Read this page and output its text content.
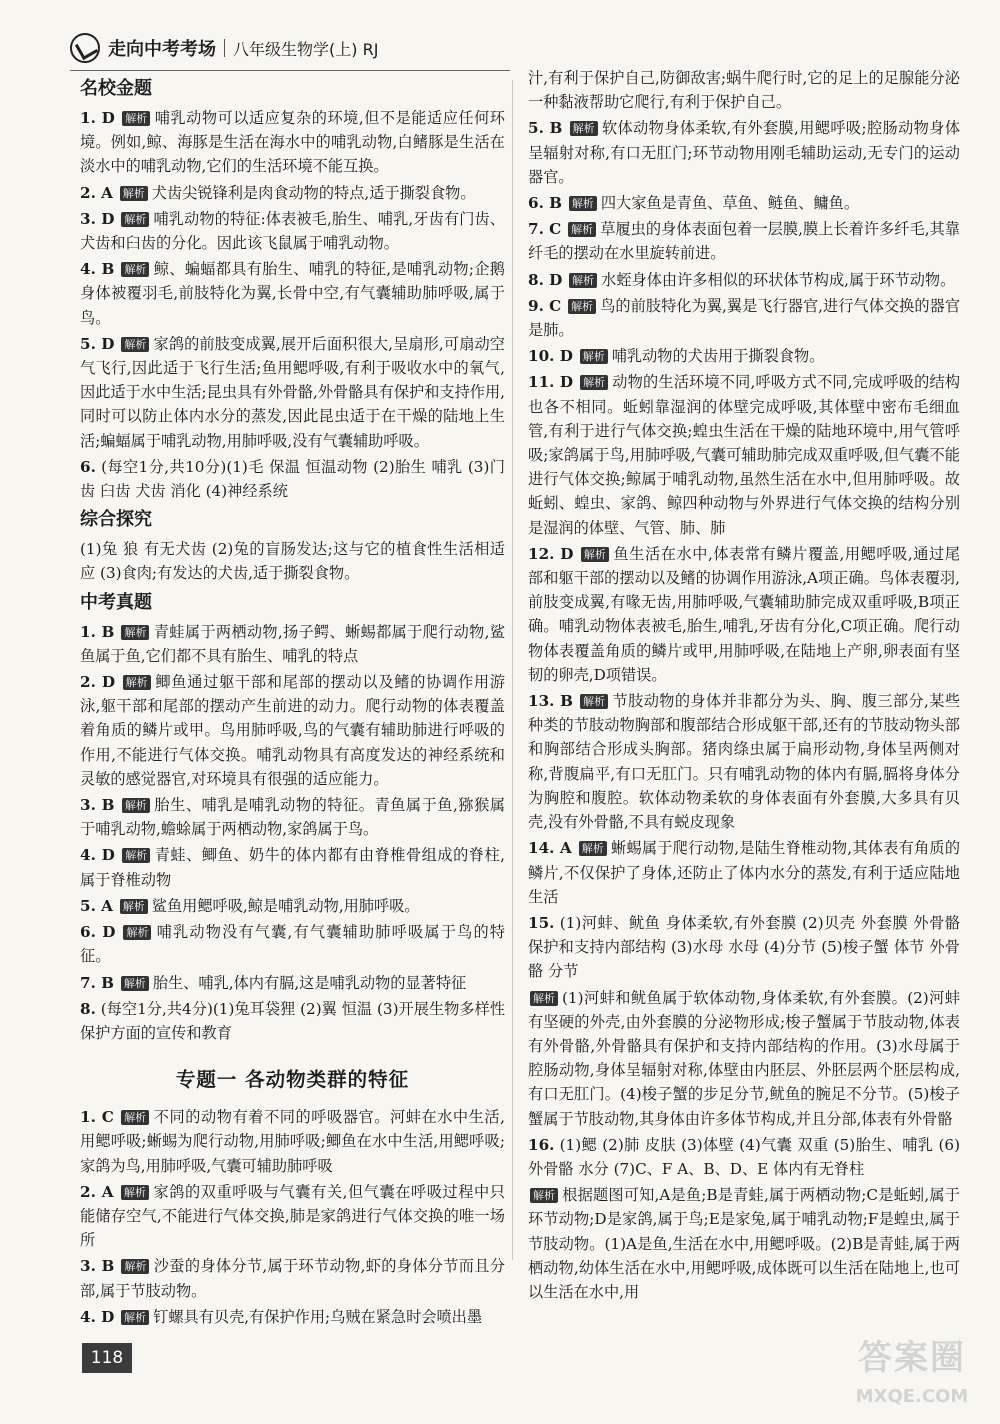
走向中考考场 八年级生物学(上) RJ
名校金题
1. D 解析 哺乳动物可以适应复杂的环境,但不是能适应任何环境。例如,鲸、海豚是生活在海水中的哺乳动物,白鳍豚是生活在淡水中的哺乳动物,它们的生活环境不能互换。
2. A 解析 犬齿尖锐锋利是肉食动物的特点,适于撕裂食物。
3. D 解析 哺乳动物的特征:体表被毛,胎生、哺乳,牙齿有门齿、犬齿和臼齿的分化。因此该飞鼠属于哺乳动物。
4. B 解析 鲸、蝙蝠都具有胎生、哺乳的特征,是哺乳动物;企鹅身体被覆羽毛,前肢特化为翼,长骨中空,有气囊辅助肺呼吸,属于鸟。
5. D 解析 家鸽的前肢变成翼,展开后面积很大,呈扇形,可扇动空气飞行,因此适于飞行生活;鱼用鳃呼吸,有利于吸收水中的氧气,因此适于水中生活;昆虫具有外骨骼,外骨骼具有保护和支持作用,同时可以防止体内水分的蒸发,因此昆虫适于在干燥的陆地上生活;蝙蝠属于哺乳动物,用肺呼吸,没有气囊辅助呼吸。
6. (每空1分,共10分)(1)毛 保温 恒温动物 (2)胎生 哺乳 (3)门齿 臼齿 犬齿 消化 (4)神经系统
综合探究
(1)兔 狼 有无犬齿 (2)兔的盲肠发达;这与它的植食性生活相适应 (3)食肉;有发达的犬齿,适于撕裂食物。
中考真题
1. B 解析 青蛙属于两栖动物,扬子鳄、蜥蜴都属于爬行动物,鲨鱼属于鱼,它们都不具有胎生、哺乳的特点
2. D 解析 鲫鱼通过躯干部和尾部的摆动以及鳍的协调作用游泳,躯干部和尾部的摆动产生前进的动力。爬行动物的体表覆盖着角质的鳞片或甲。鸟用肺呼吸,鸟的气囊有辅助肺进行呼吸的作用,不能进行气体交换。哺乳动物具有高度发达的神经系统和灵敏的感觉器官,对环境具有很强的适应能力。
3. B 解析 胎生、哺乳是哺乳动物的特征。青鱼属于鱼,猕猴属于哺乳动物,蟾蜍属于两栖动物,家鸽属于鸟。
4. D 解析 青蛙、鲫鱼、奶牛的体内都有由脊椎骨组成的脊柱,属于脊椎动物
5. A 解析 鲨鱼用鳃呼吸,鲸是哺乳动物,用肺呼吸。
6. D 解析 哺乳动物没有气囊,有气囊辅助肺呼吸属于鸟的特征。
7. B 解析 胎生、哺乳,体内有膈,这是哺乳动物的显著特征
8. (每空1分,共4分)(1)兔耳袋狸 (2)翼 恒温 (3)开展生物多样性保护方面的宣传和教育
专题一 各动物类群的特征
1. C 解析 不同的动物有着不同的呼吸器官。河蚌在水中生活,用鳃呼吸;蜥蜴为爬行动物,用肺呼吸;鲫鱼在水中生活,用鳃呼吸;家鸽为鸟,用肺呼吸,气囊可辅助肺呼吸
2. A 解析 家鸽的双重呼吸与气囊有关,但气囊在呼吸过程中只能储存空气,不能进行气体交换,肺是家鸽进行气体交换的唯一场所
3. B 解析 沙蚕的身体分节,属于环节动物,虾的身体分节而且分部,属于节肢动物。
4. D 解析 钉螺具有贝壳,有保护作用;乌贼在紧急时会喷出墨
汁,有利于保护自己,防御敌害;蜗牛爬行时,它的足上的足腺能分泌一种黏液帮助它爬行,有利于保护自己。
5. B 解析 软体动物身体柔软,有外套膜,用鳃呼吸;腔肠动物身体呈辐射对称,有口无肛门;环节动物用刚毛辅助运动,无专门的运动器官。
6. B 解析 四大家鱼是青鱼、草鱼、鲢鱼、鳙鱼。
7. C 解析 草履虫的身体表面包着一层膜,膜上长着许多纤毛,其靠纤毛的摆动在水里旋转前进。
8. D 解析 水蛭身体由许多相似的环状体节构成,属于环节动物。
9. C 解析 鸟的前肢特化为翼,翼是飞行器官,进行气体交换的器官是肺。
10. D 解析 哺乳动物的犬齿用于撕裂食物。
11. D 解析 动物的生活环境不同,呼吸方式不同,完成呼吸的结构也各不相同。蚯蚓靠湿润的体壁完成呼吸,其体壁中密布毛细血管,有利于进行气体交换;蝗虫生活在干燥的陆地环境中,用气管呼吸;家鸽属于鸟,用肺呼吸,气囊可辅助肺完成双重呼吸,但气囊不能进行气体交换;鲸属于哺乳动物,虽然生活在水中,但用肺呼吸。故蚯蚓、蝗虫、家鸽、鲸四种动物与外界进行气体交换的结构分别是湿润的体壁、气管、肺、肺
12. D 解析 鱼生活在水中,体表常有鳞片覆盖,用鳃呼吸,通过尾部和躯干部的摆动以及鳍的协调作用游泳,A项正确。鸟体表覆羽,前肢变成翼,有喙无齿,用肺呼吸,气囊辅助肺完成双重呼吸,B项正确。哺乳动物体表被毛,胎生,哺乳,牙齿有分化,C项正确。爬行动物体表覆盖角质的鳞片或甲,用肺呼吸,在陆地上产卵,卵表面有坚韧的卵壳,D项错误。
13. B 解析 节肢动物的身体并非都分为头、胸、腹三部分,某些种类的节肢动物胸部和腹部结合形成躯干部,还有的节肢动物头部和胸部结合形成头胸部。猪肉绦虫属于扁形动物,身体呈两侧对称,背腹扁平,有口无肛门。只有哺乳动物的体内有膈,膈将身体分为胸腔和腹腔。软体动物柔软的身体表面有外套膜,大多具有贝壳,没有外骨骼,不具有蜕皮现象
14. A 解析 蜥蜴属于爬行动物,是陆生脊椎动物,其体表有角质的鳞片,不仅保护了身体,还防止了体内水分的蒸发,有利于适应陆地生活
15. (1)河蚌、鱿鱼 身体柔软,有外套膜 (2)贝壳 外套膜 外骨骼 保护和支持内部结构 (3)水母 水母 (4)分节 (5)梭子蟹 体节 外骨骼 分节
解析 (1)河蚌和鱿鱼属于软体动物,身体柔软,有外套膜。(2)河蚌有坚硬的外壳,由外套膜的分泌物形成;梭子蟹属于节肢动物,体表有外骨骼,外骨骼具有保护和支持内部结构的作用。(3)水母属于腔肠动物,身体呈辐射对称,体壁由内胚层、外胚层两个胚层构成,有口无肛门。(4)梭子蟹的步足分节,鱿鱼的腕足不分节。(5)梭子蟹属于节肢动物,其身体由许多体节构成,并且分部,体表有外骨骼
16. (1)鳃 (2)肺 皮肤 (3)体壁 (4)气囊 双重 (5)胎生、哺乳 (6)外骨骼 水分 (7)C、F A、B、D、E 体内有无脊柱
解析 根据题图可知,A是鱼;B是青蛙,属于两栖动物;C是蚯蚓,属于环节动物;D是家鸽,属于鸟;E是家兔,属于哺乳动物;F是蝗虫,属于节肢动物。(1)A是鱼,生活在水中,用鳃呼吸。(2)B是青蛙,属于两栖动物,幼体生活在水中,用鳃呼吸,成体既可以生活在陆地上,也可以生活在水中,用
118	答案圈
MXQE.COM
